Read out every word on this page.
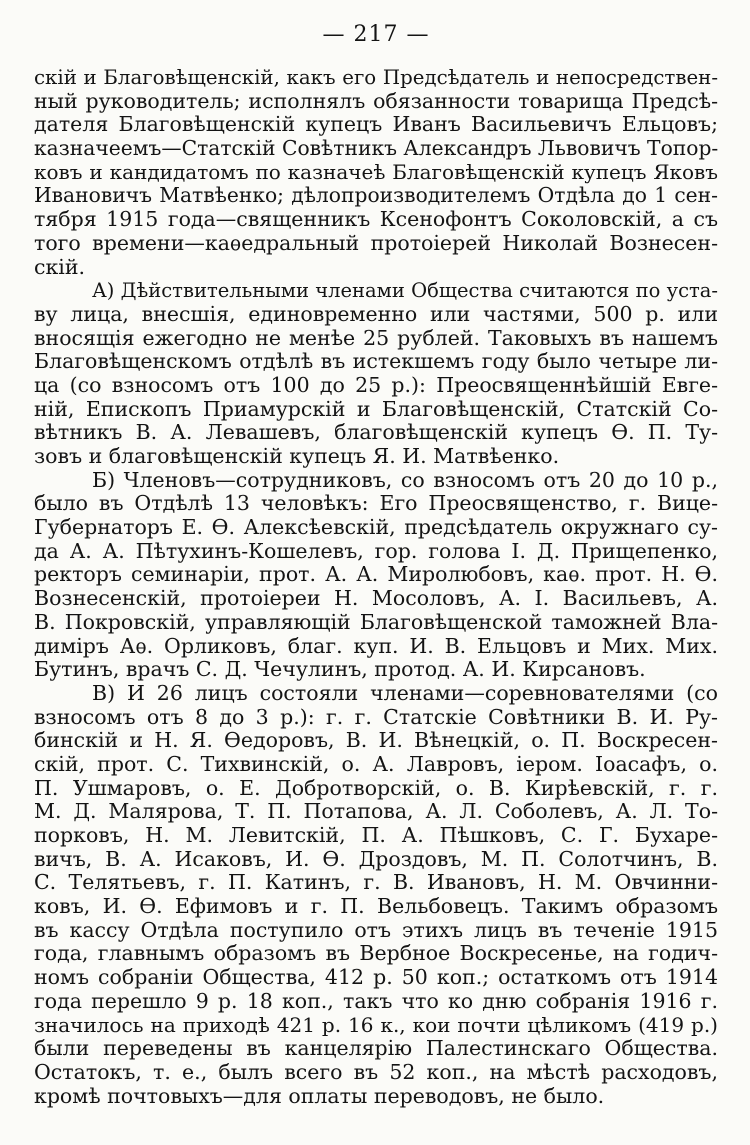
— 217 —
скій и Благовѣщенскій, какъ его Предсѣдатель и непосредствен-
ный руководитель; исполнялъ обязанности товарища Предсѣ-
дателя Благовѣщенскій купецъ Иванъ Васильевичъ Ельцовъ;
казначеемъ—Статскій Совѣтникъ Александръ Львовичъ Топор-
ковъ и кандидатомъ по казначеѣ Благовѣщенскій купецъ Яковъ
Ивановичъ Матвѣенко; дѣлопроизводителемъ Отдѣла до 1 сен-
тября 1915 года—священникъ Ксенофонтъ Соколовскій, а съ
того времени—каѳедральный протоіерей Николай Вознесен-
скій.
А) Дѣйствительными членами Общества считаются по уста-
ву лица, внесшія, единовременно или частями, 500 р. или
вносящія ежегодно не менѣе 25 рублей. Таковыхъ въ нашемъ
Благовѣщенскомъ отдѣлѣ въ истекшемъ году было четыре ли-
ца (со взносомъ отъ 100 до 25 р.): Преосвященнѣйшій Евге-
ній, Епископъ Приамурскій и Благовѣщенскій, Статскій Со-
вѣтникъ В. А. Левашевъ, благовѣщенскій купецъ Ѳ. П. Ту-
зовъ и благовѣщенскій купецъ Я. И. Матвѣенко.
Б) Членовъ—сотрудниковъ, со взносомъ отъ 20 до 10 р.,
было въ Отдѣлѣ 13 человѣкъ: Его Преосвященство, г. Вице-
Губернаторъ Е. Ѳ. Алексѣевскій, предсѣдатель окружнаго су-
да А. А. Пѣтухинъ-Кошелевъ, гор. голова І. Д. Прищепенко,
ректоръ семинаріи, прот. А. А. Миролюбовъ, каѳ. прот. Н. Ѳ.
Вознесенскій, протоіереи Н. Мосоловъ, А. І. Васильевъ, А.
В. Покровскій, управляющій Благовѣщенской таможней Вла-
диміръ Аѳ. Орликовъ, благ. куп. И. В. Ельцовъ и Мих. Мих.
Бутинъ, врачъ С. Д. Чечулинъ, протод. А. И. Кирсановъ.
В) И 26 лицъ состояли членами—соревнователями (со
взносомъ отъ 8 до 3 р.): г. г. Статскіе Совѣтники В. И. Ру-
бинскій и Н. Я. Ѳедоровъ, В. И. Вѣнецкій, о. П. Воскресен-
скій, прот. С. Тихвинскій, о. А. Лавровъ, іером. Іоасафъ, о.
П. Ушмаровъ, о. Е. Добротворскій, о. В. Кирѣевскій, г. г.
М. Д. Малярова, Т. П. Потапова, А. Л. Соболевъ, А. Л. То-
порковъ, Н. М. Левитскій, П. А. Пѣшковъ, С. Г. Бухаре-
вичъ, В. А. Исаковъ, И. Ѳ. Дроздовъ, М. П. Солотчинъ, В.
С. Телятьевъ, г. П. Катинъ, г. В. Ивановъ, Н. М. Овчинни-
ковъ, И. Ѳ. Ефимовъ и г. П. Вельбовецъ. Такимъ образомъ
въ кассу Отдѣла поступило отъ этихъ лицъ въ теченіе 1915
года, главнымъ образомъ въ Вербное Воскресенье, на годич-
номъ собраніи Общества, 412 р. 50 коп.; остаткомъ отъ 1914
года перешло 9 р. 18 коп., такъ что ко дню собранія 1916 г.
значилось на приходѣ 421 р. 16 к., кои почти цѣликомъ (419 р.)
были переведены въ канцелярію Палестинскаго Общества.
Остатокъ, т. е., былъ всего въ 52 коп., на мѣстѣ расходовъ,
кромѣ почтовыхъ—для оплаты переводовъ, не было.
